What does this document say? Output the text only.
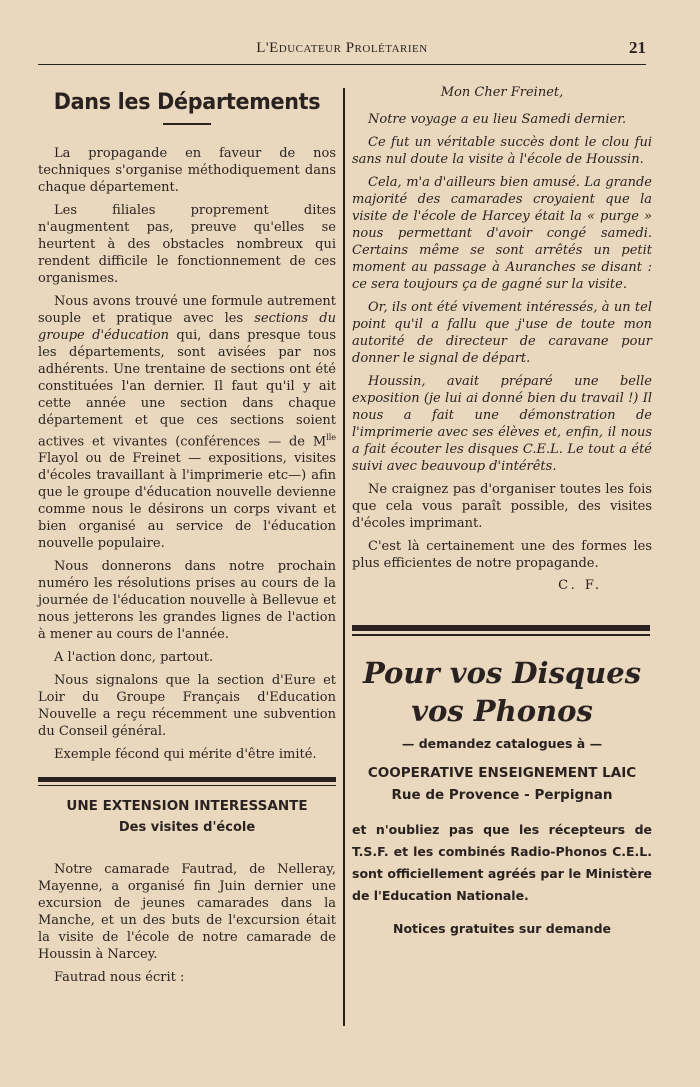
L'Educateur Prolétarien	21
Dans les Départements

La propagande en faveur de nos techniques s'organise méthodiquement dans chaque département.

Les filiales proprement dites n'augmentent pas, preuve qu'elles se heurtent à des obstacles nombreux qui rendent difficile le fonctionnement de ces organismes.

Nous avons trouvé une formule autrement souple et pratique avec les sections du groupe d'éducation qui, dans presque tous les départements, sont avisées par nos adhérents. Une trentaine de sections ont été constituées l'an dernier. Il faut qu'il y ait cette année une section dans chaque département et que ces sections soient actives et vivantes (conférences — de $M^{lle}$ Flayol ou de Freinet — expositions, visites d'écoles travaillant à l'imprimerie etc—) afin que le groupe d'éducation nouvelle devienne comme nous le désirons un corps vivant et bien organisé au service de l'éducation nouvelle populaire.

Nous donnerons dans notre prochain numéro les résolutions prises au cours de la journée de l'éducation nouvelle à Bellevue et nous jetterons les grandes lignes de l'action à mener au cours de l'année.

A l'action donc, partout.

Nous signalons que la section d'Eure et Loir du Groupe Français d'Education Nouvelle a reçu récemment une subvention du Conseil général.

Exemple fécond qui mérite d'être imité.

UNE EXTENSION INTERESSANTE
Des visites d'école

Notre camarade Fautrad, de Nelleray, Mayenne, a organisé fin Juin dernier une excursion de jeunes camarades dans la Manche, et un des buts de l'excursion était la visite de l'école de notre camarade de Houssin à Narcey.

Fautrad nous écrit :

Mon Cher Freinet,

Notre voyage a eu lieu Samedi dernier.

Ce fut un véritable succès dont le clou fui sans nul doute la visite à l'école de Houssin.

Cela, m'a d'ailleurs bien amusé. La grande majorité des camarades croyaient que la visite de l'école de Harcey était la « purge » nous permettant d'avoir congé samedi. Certains même se sont arrêtés un petit moment au passage à Auranches se disant : ce sera toujours ça de gagné sur la visite.

Or, ils ont été vivement intéressés, à un tel point qu'il a fallu que j'use de toute mon autorité de directeur de caravane pour donner le signal de départ.

Houssin, avait préparé une belle exposition (je lui ai donné bien du travail !) Il nous a fait une démonstration de l'imprimerie avec ses élèves et, enfin, il nous a fait écouter les disques C.E.L. Le tout a été suivi avec beauvoup d'intérêts.

Ne craignez pas d'organiser toutes les fois que cela vous paraît possible, des visites d'écoles imprimant.

C'est là certainement une des formes les plus efficientes de notre propagande.

C. F.
Pour vos Disques
vos Phonos
— demandez catalogues à —
COOPERATIVE ENSEIGNEMENT LAIC
Rue de Provence - Perpignan
et n'oubliez pas que les récepteurs de T.S.F. et les combinés Radio-Phonos C.E.L. sont officiellement agréés par le Ministère de l'Education Nationale.
Notices gratuites sur demande
